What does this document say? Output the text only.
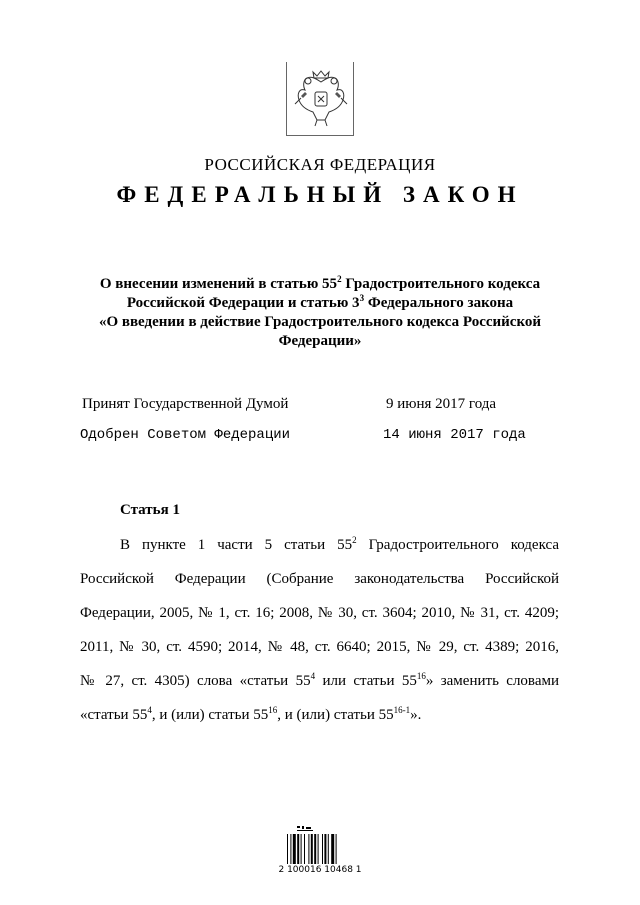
РОССИЙСКАЯ ФЕДЕРАЦИЯ
ФЕДЕРАЛЬНЫЙ ЗАКОН
О внесении изменений в статью $55^2$ Градостроительного кодекса
Российской Федерации и статью $3^3$ Федерального закона
«О введении в действие Градостроительного кодекса Российской
Федерации»
Принят Государственной Думой	9 июня 2017 года
Одобрен Советом Федерации	14 июня 2017 года
Статья 1
В пункте 1 части 5 статьи $55^2$ Градостроительного кодекса
Российской Федерации (Собрание законодательства Российской
Федерации, 2005, № 1, ст. 16; 2008, № 30, ст. 3604; 2010, № 31, ст. 4209;
2011, № 30, ст. 4590; 2014, № 48, ст. 6640; 2015, № 29, ст. 4389; 2016,
№ 27, ст. 4305) слова «статьи $55^4$ или статьи $55^{16}$» заменить словами
«статьи $55^4$, и (или) статьи $55^{16}$, и (или) статьи 55$^{16-1}$».
2 100016 10468 1
